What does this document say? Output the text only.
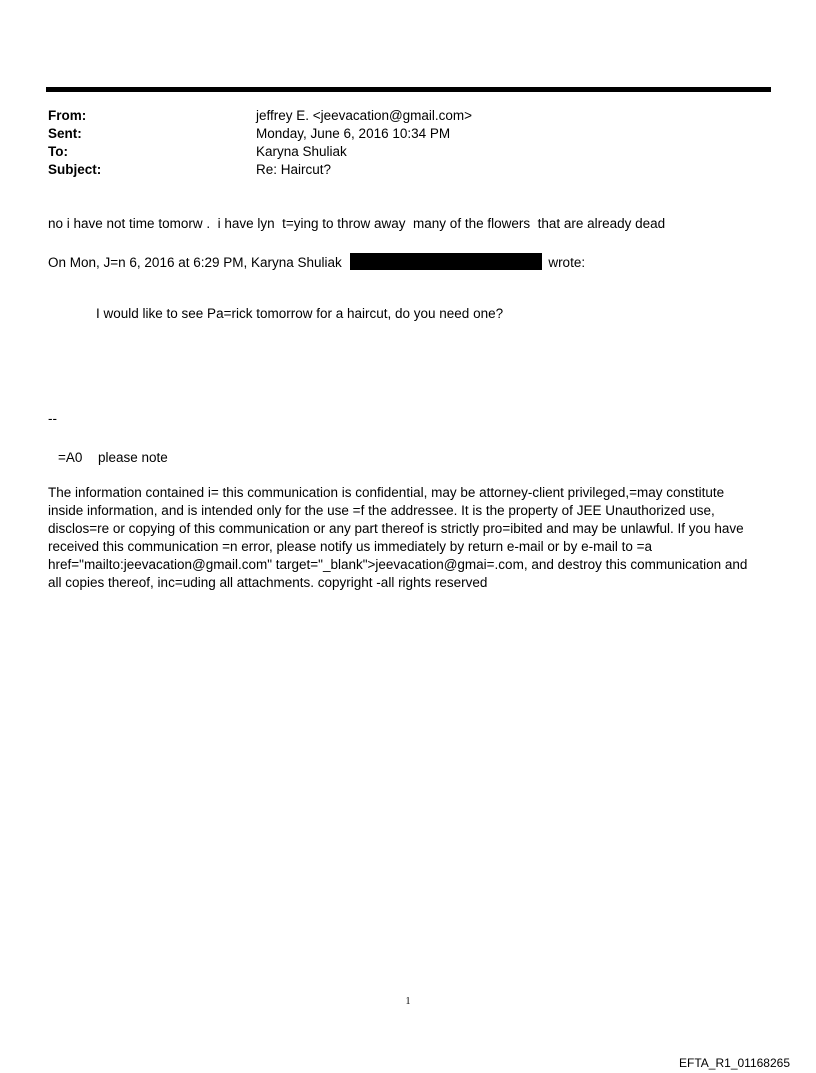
From:	jeffrey E. <jeevacation@gmail.com>
Sent:	Monday, June 6, 2016 10:34 PM
To:	Karyna Shuliak
Subject:	Re: Haircut?
no i have not time tomorw .  i have lyn  t=ying to throw away  many of the flowers  that are already dead
On Mon, J=n 6, 2016 at 6:29 PM, Karyna Shuliak	wrote:
I would like to see Pa=rick tomorrow for a haircut, do you need one?
--
=A0 please note
The information contained i= this communication is confidential, may be attorney-client privileged,=may constitute
inside information, and is intended only for the use =f the addressee. It is the property of JEE Unauthorized use,
disclos=re or copying of this communication or any part thereof is strictly pro=ibited and may be unlawful. If you have
received this communication =n error, please notify us immediately by return e-mail or by e-mail to =a
href="mailto:jeevacation@gmail.com" target="_blank">jeevacation@gmai=.com, and destroy this communication and
all copies thereof, inc=uding all attachments. copyright -all rights reserved
1
EFTA_R1_01168265
